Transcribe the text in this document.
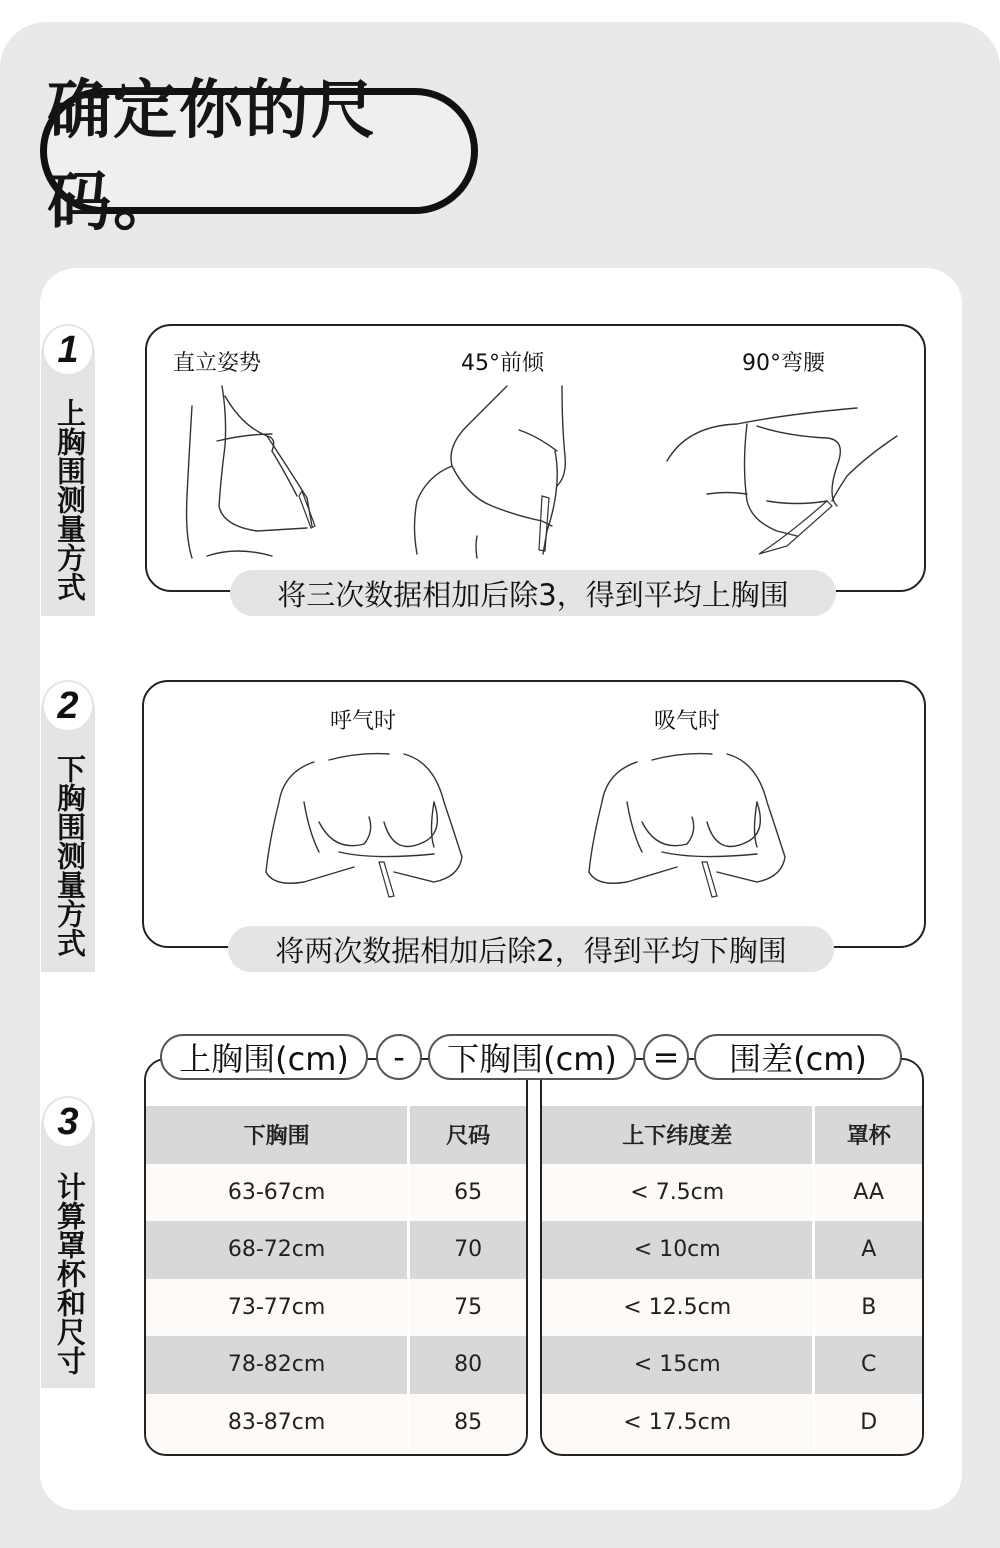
确定你的尺码。
1
上胸围测量方式
2
下胸围测量方式
3
计算罩杯和尺寸
直立姿势	45°前倾	90°弯腰
将三次数据相加后除3，得到平均上胸围
呼气时	吸气时
将两次数据相加后除2，得到平均下胸围
下胸围	尺码
63-67cm	65
68-72cm	70
73-77cm	75
78-82cm	80
83-87cm	85
上下纬度差	罩杯
< 7.5cm	AA
< 10cm	A
< 12.5cm	B
< 15cm	C
< 17.5cm	D
上胸围(cm)	-	下胸围(cm)	=	围差(cm)
